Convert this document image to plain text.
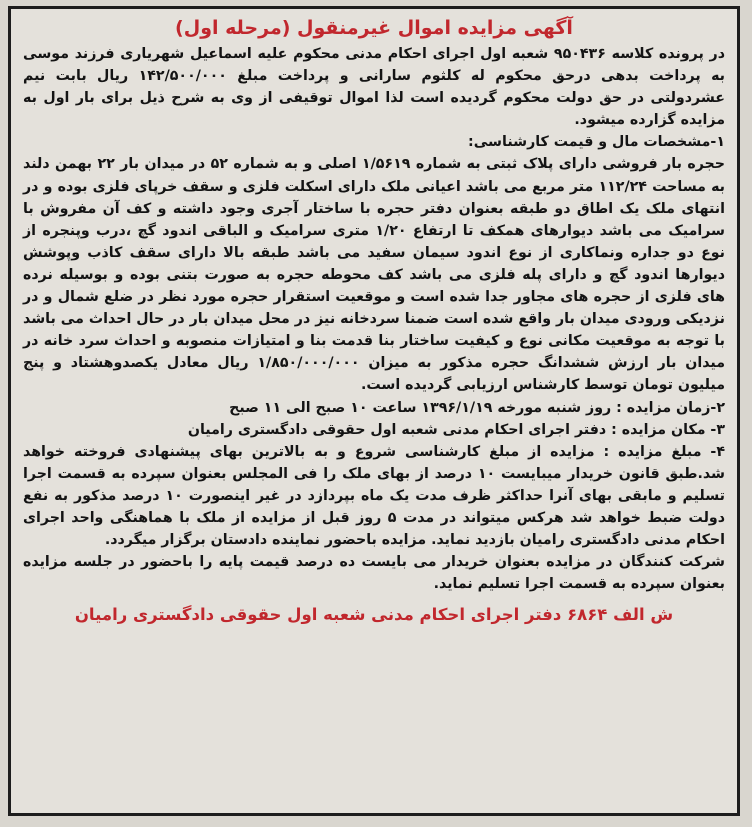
آگهی مزایده اموال غیرمنقول (مرحله اول)

در پرونده کلاسه ۹۵۰۴۳۶ شعبه اول اجرای احکام مدنی محکوم علیه اسماعیل شهریاری فرزند موسی به پرداخت بدهی درحق محکوم له کلثوم سارانی و پرداخت مبلغ ۱۴۲/۵۰۰/۰۰۰ ریال بابت نیم عشردولتی در حق دولت محکوم گردیده است لذا اموال توقیفی از وی به شرح ذیل برای بار اول به مزایده گزارده میشود.

۱-مشخصات مال و قیمت کارشناسی:

حجره بار فروشی دارای پلاک ثبتی به شماره ۱/۵۶۱۹ اصلی و به شماره ۵۲ در میدان بار ۲۲ بهمن دلند به مساحت ۱۱۲/۲۴ متر مربع می باشد اعیانی ملک دارای اسکلت فلزی و سقف خرپای فلزی بوده و در انتهای ملک یک اطاق دو طبقه بعنوان دفتر حجره با ساختار آجری وجود داشته و کف آن مفروش با سرامیک می باشد دیوارهای همکف تا ارتفاع ۱/۲۰ متری سرامیک و الباقی اندود گچ ،درب وپنجره از نوع دو جداره ونماکاری از نوع اندود سیمان سفید می باشد طبقه بالا دارای سقف کاذب وپوشش دیوارها اندود گچ و دارای پله فلزی می باشد کف محوطه حجره به صورت بتنی بوده و بوسیله نرده های فلزی از حجره های مجاور جدا شده است و موقعیت استقرار حجره مورد نظر در ضلع شمال و در نزدیکی ورودی میدان بار واقع شده است ضمنا سردخانه نیز در محل میدان بار در حال احداث می باشد با توجه به موقعیت مکانی نوع و کیفیت ساختار بنا قدمت بنا و امتیازات منصوبه و احداث سرد خانه در میدان بار ارزش ششدانگ حجره مذکور به میزان ۱/۸۵۰/۰۰۰/۰۰۰ ریال معادل یکصدوهشتاد و پنج میلیون تومان توسط کارشناس ارزیابی گردیده است.

۲-زمان مزایده : روز شنبه مورخه ۱۳۹۶/۱/۱۹ ساعت ۱۰ صبح الی ۱۱ صبح

۳- مکان مزایده : دفتر اجرای احکام مدنی شعبه اول حقوقی دادگستری رامیان

۴- مبلغ مزایده : مزایده از مبلغ کارشناسی شروع و به بالاترین بهای پیشنهادی فروخته خواهد شد.طبق قانون خریدار میبایست ۱۰ درصد از بهای ملک را فی المجلس بعنوان سپرده به قسمت اجرا تسلیم و مابقی بهای آنرا حداکثر ظرف مدت یک ماه بپردازد در غیر اینصورت ۱۰ درصد مذکور به نفع دولت ضبط خواهد شد هرکس میتواند در مدت ۵ روز قبل از مزایده از ملک با هماهنگی واحد اجرای احکام مدنی دادگستری رامیان بازدید نماید. مزایده باحضور نماینده دادستان برگزار میگردد.

شرکت کنندگان در مزایده بعنوان خریدار می بایست ده درصد قیمت پایه را باحضور در جلسه مزایده بعنوان سپرده به قسمت اجرا تسلیم نماید.

ش الف ۶۸۶۴ دفتر اجرای احکام مدنی شعبه اول حقوقی دادگستری رامیان
